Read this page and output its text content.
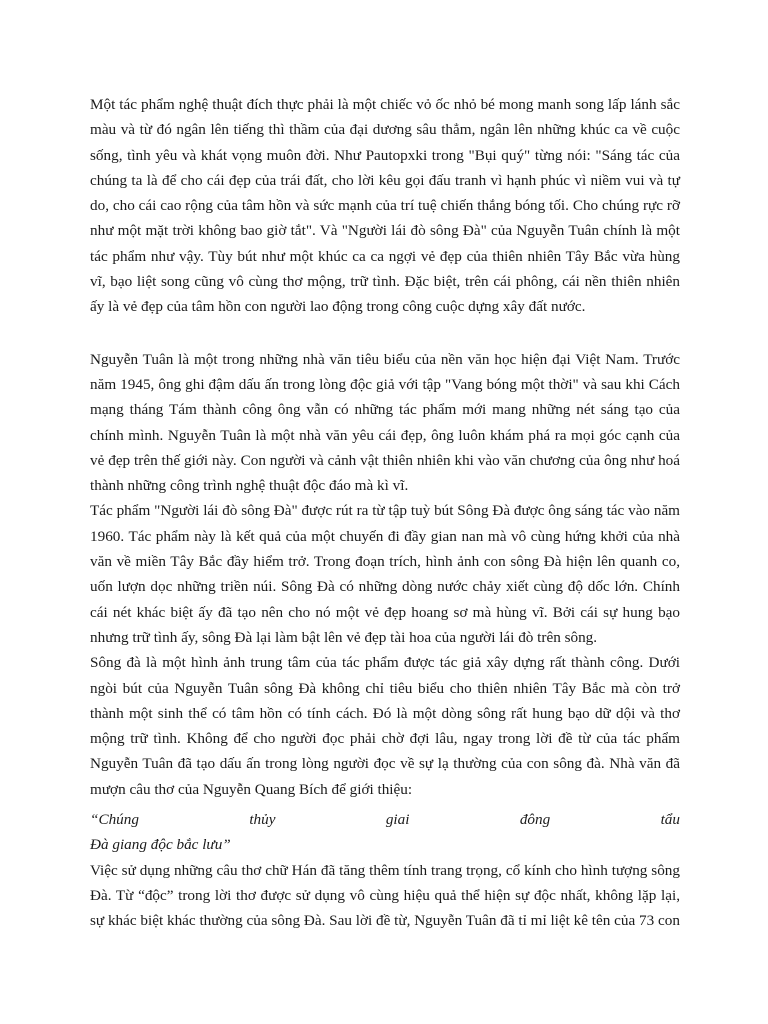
Một tác phẩm nghệ thuật đích thực phải là một chiếc vỏ ốc nhỏ bé mong manh song lấp lánh sắc màu và từ đó ngân lên tiếng thì thầm của đại dương sâu thẳm, ngân lên những khúc ca về cuộc sống, tình yêu và khát vọng muôn đời. Như Pautopxki trong "Bụi quý" từng nói: "Sáng tác của chúng ta là để cho cái đẹp của trái đất, cho lời kêu gọi đấu tranh vì hạnh phúc vì niềm vui và tự do, cho cái cao rộng của tâm hồn và sức mạnh của trí tuệ chiến thắng bóng tối. Cho chúng rực rỡ như một mặt trời không bao giờ tắt". Và "Người lái đò sông Đà" của Nguyễn Tuân chính là một tác phẩm như vậy. Tùy bút như một khúc ca ca ngợi vẻ đẹp của thiên nhiên Tây Bắc vừa hùng vĩ, bạo liệt song cũng vô cùng thơ mộng, trữ tình. Đặc biệt, trên cái phông, cái nền thiên nhiên ấy là vẻ đẹp của tâm hồn con người lao động trong công cuộc dựng xây đất nước.

Nguyễn Tuân là một trong những nhà văn tiêu biểu của nền văn học hiện đại Việt Nam. Trước năm 1945, ông ghi đậm dấu ấn trong lòng độc giả với tập "Vang bóng một thời" và sau khi Cách mạng tháng Tám thành công ông vẫn có những tác phẩm mới mang những nét sáng tạo của chính mình. Nguyễn Tuân là một nhà văn yêu cái đẹp, ông luôn khám phá ra mọi góc cạnh của vẻ đẹp trên thế giới này. Con người và cảnh vật thiên nhiên khi vào văn chương của ông như hoá thành những công trình nghệ thuật độc đáo mà kì vĩ.

Tác phẩm "Người lái đò sông Đà" được rút ra từ tập tuỳ bút Sông Đà được ông sáng tác vào năm 1960. Tác phẩm này là kết quả của một chuyến đi đầy gian nan mà vô cùng hứng khởi của nhà văn về miền Tây Bắc đầy hiểm trở. Trong đoạn trích, hình ảnh con sông Đà hiện lên quanh co, uốn lượn dọc những triền núi. Sông Đà có những dòng nước chảy xiết cùng độ dốc lớn. Chính cái nét khác biệt ấy đã tạo nên cho nó một vẻ đẹp hoang sơ mà hùng vĩ. Bởi cái sự hung bạo nhưng trữ tình ấy, sông Đà lại làm bật lên vẻ đẹp tài hoa của người lái đò trên sông.

Sông đà là một hình ảnh trung tâm của tác phẩm được tác giả xây dựng rất thành công. Dưới ngòi bút của Nguyễn Tuân sông Đà không chỉ tiêu biểu cho thiên nhiên Tây Bắc mà còn trở thành một sinh thể có tâm hồn có tính cách. Đó là một dòng sông rất hung bạo dữ dội và thơ mộng trữ tình. Không để cho người đọc phải chờ đợi lâu, ngay trong lời đề từ của tác phẩm Nguyễn Tuân đã tạo dấu ấn trong lòng người đọc về sự lạ thường của con sông đà. Nhà văn đã mượn câu thơ của Nguyễn Quang Bích để giới thiệu:

“Chúng thủy giai đông tẩu

Đà giang độc bắc lưu”

Việc sử dụng những câu thơ chữ Hán đã tăng thêm tính trang trọng, cổ kính cho hình tượng sông Đà. Từ “độc” trong lời thơ được sử dụng vô cùng hiệu quả thể hiện sự độc nhất, không lặp lại, sự khác biệt khác thường của sông Đà. Sau lời đề từ, Nguyễn Tuân đã tỉ mỉ liệt kê tên của 73 con
